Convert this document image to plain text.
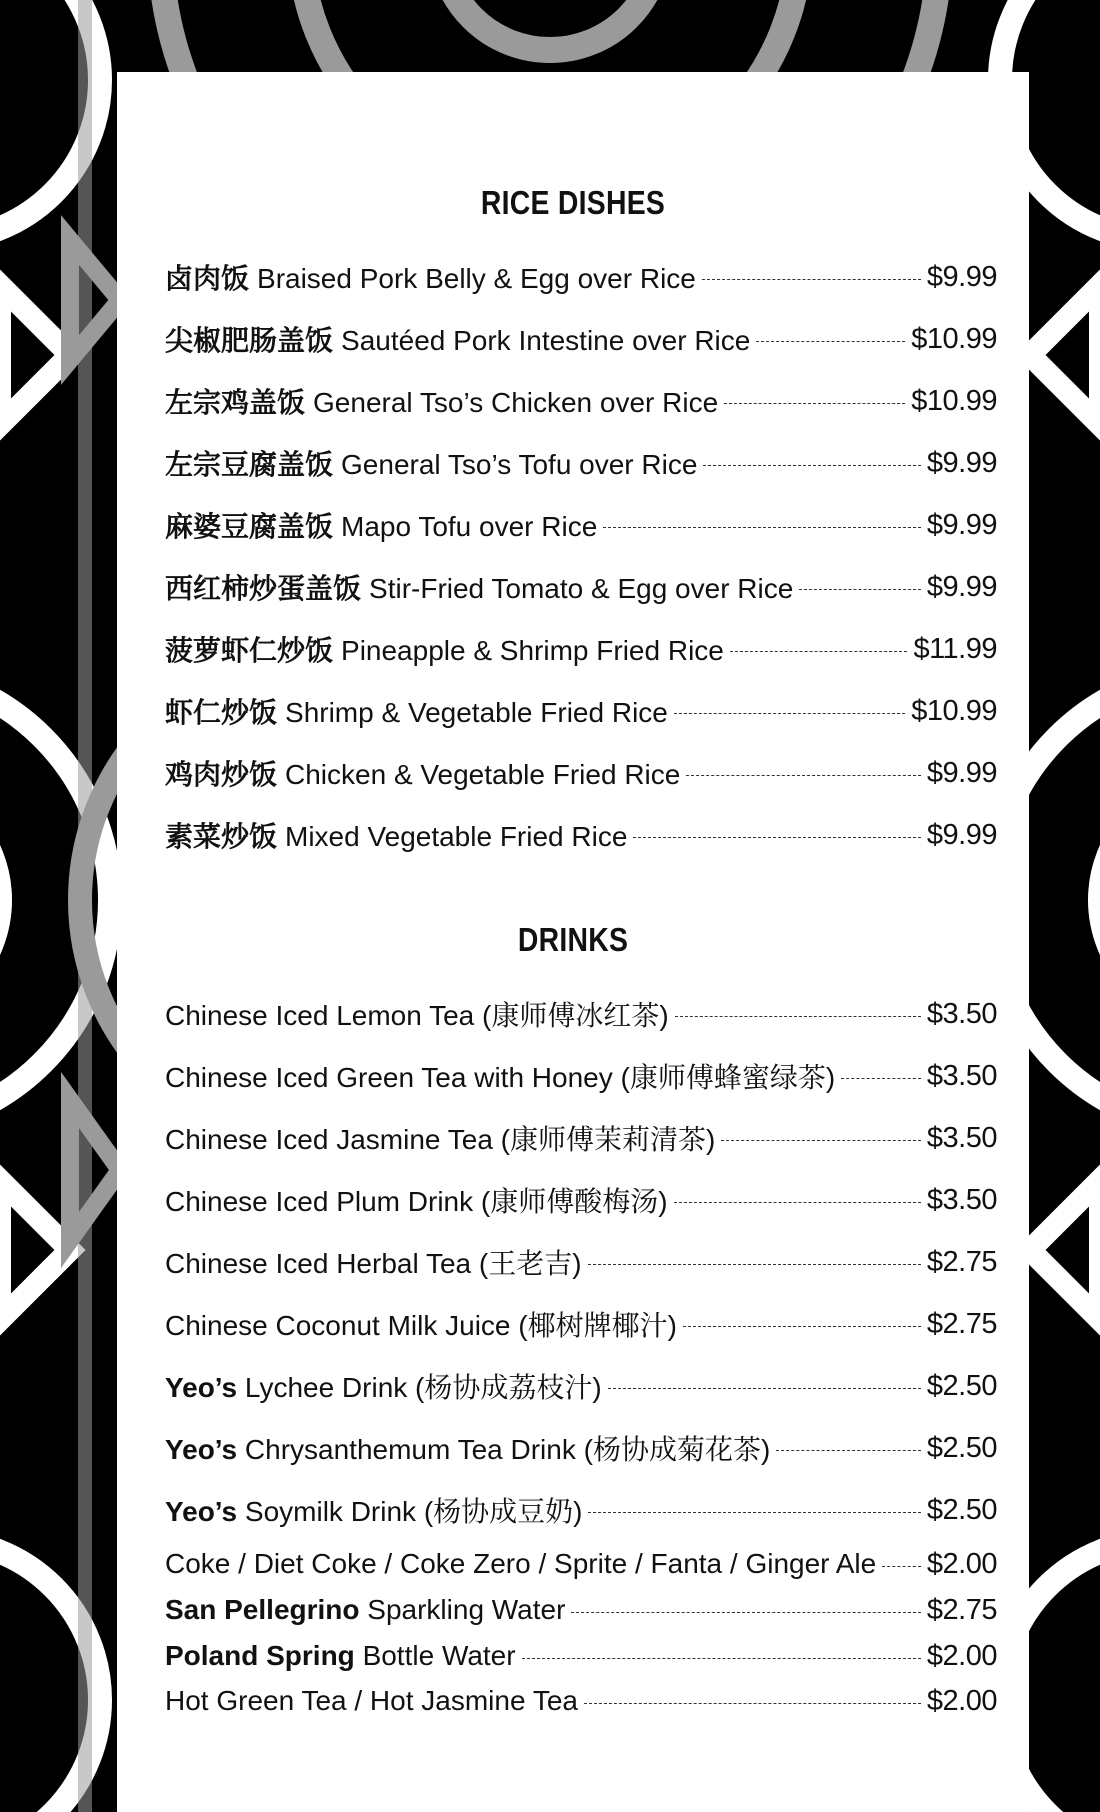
RICE DISHES
卤肉饭 Braised Pork Belly & Egg over Rice	$9.99
尖椒肥肠盖饭 Sautéed Pork Intestine over Rice	$10.99
左宗鸡盖饭 General Tso’s Chicken over Rice	$10.99
左宗豆腐盖饭 General Tso’s Tofu over Rice	$9.99
麻婆豆腐盖饭 Mapo Tofu over Rice	$9.99
西红柿炒蛋盖饭 Stir-Fried Tomato & Egg over Rice	$9.99
菠萝虾仁炒饭 Pineapple & Shrimp Fried Rice	$11.99
虾仁炒饭 Shrimp & Vegetable Fried Rice	$10.99
鸡肉炒饭 Chicken & Vegetable Fried Rice	$9.99
素菜炒饭 Mixed Vegetable Fried Rice	$9.99
DRINKS
Chinese Iced Lemon Tea (康师傅冰红茶)	$3.50
Chinese Iced Green Tea with Honey (康师傅蜂蜜绿茶)	$3.50
Chinese Iced Jasmine Tea (康师傅茉莉清茶)	$3.50
Chinese Iced Plum Drink (康师傅酸梅汤)	$3.50
Chinese Iced Herbal Tea (王老吉)	$2.75
Chinese Coconut Milk Juice (椰树牌椰汁)	$2.75
Yeo’s Lychee Drink (杨协成荔枝汁)	$2.50
Yeo’s Chrysanthemum Tea Drink (杨协成菊花茶)	$2.50
Yeo’s Soymilk Drink (杨协成豆奶)	$2.50
Coke / Diet Coke / Coke Zero / Sprite / Fanta / Ginger Ale $2.00
San Pellegrino Sparkling Water	$2.75
Poland Spring Bottle Water	$2.00
Hot Green Tea / Hot Jasmine Tea	$2.00
